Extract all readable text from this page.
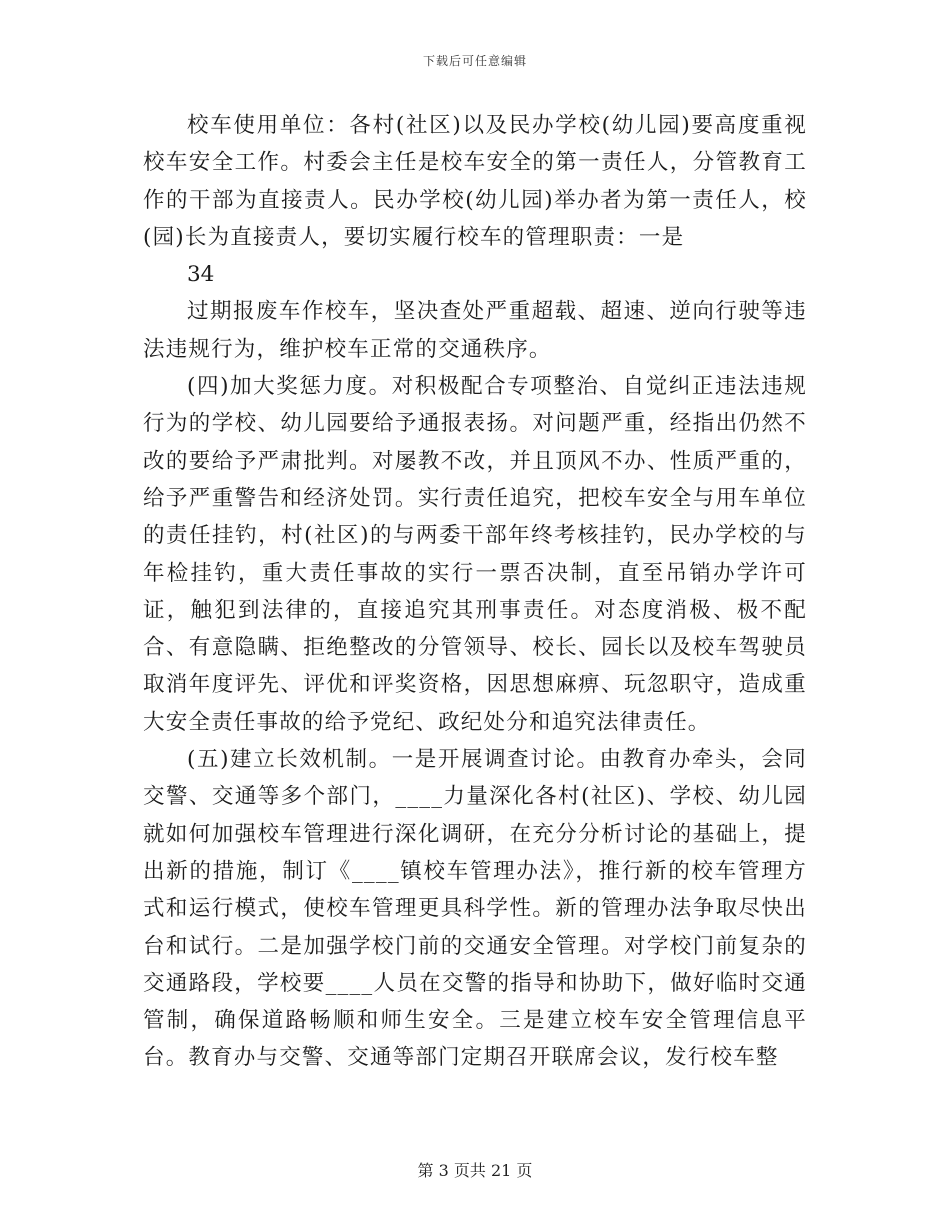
下载后可任意编辑

校车使用单位：各村(社区)以及民办学校(幼儿园)要高度重视校车安全工作。村委会主任是校车安全的第一责任人，分管教育工作的干部为直接责人。民办学校(幼儿园)举办者为第一责任人，校(园)长为直接责人，要切实履行校车的管理职责：一是

34

过期报废车作校车，坚决查处严重超载、超速、逆向行驶等违法违规行为，维护校车正常的交通秩序。

(四)加大奖惩力度。对积极配合专项整治、自觉纠正违法违规行为的学校、幼儿园要给予通报表扬。对问题严重，经指出仍然不改的要给予严肃批判。对屡教不改，并且顶风不办、性质严重的，给予严重警告和经济处罚。实行责任追究，把校车安全与用车单位的责任挂钓，村(社区)的与两委干部年终考核挂钓，民办学校的与年检挂钓，重大责任事故的实行一票否决制，直至吊销办学许可证，触犯到法律的，直接追究其刑事责任。对态度消极、极不配合、有意隐瞒、拒绝整改的分管领导、校长、园长以及校车驾驶员取消年度评先、评优和评奖资格，因思想麻痹、玩忽职守，造成重大安全责任事故的给予党纪、政纪处分和追究法律责任。

(五)建立长效机制。一是开展调查讨论。由教育办牵头，会同交警、交通等多个部门，____力量深化各村(社区)、学校、幼儿园就如何加强校车管理进行深化调研，在充分分析讨论的基础上，提出新的措施，制订《____镇校车管理办法》，推行新的校车管理方式和运行模式，使校车管理更具科学性。新的管理办法争取尽快出台和试行。二是加强学校门前的交通安全管理。对学校门前复杂的交通路段，学校要____人员在交警的指导和协助下，做好临时交通管制，确保道路畅顺和师生安全。三是建立校车安全管理信息平台。教育办与交警、交通等部门定期召开联席会议，发行校车整

第 3 页共 21 页
